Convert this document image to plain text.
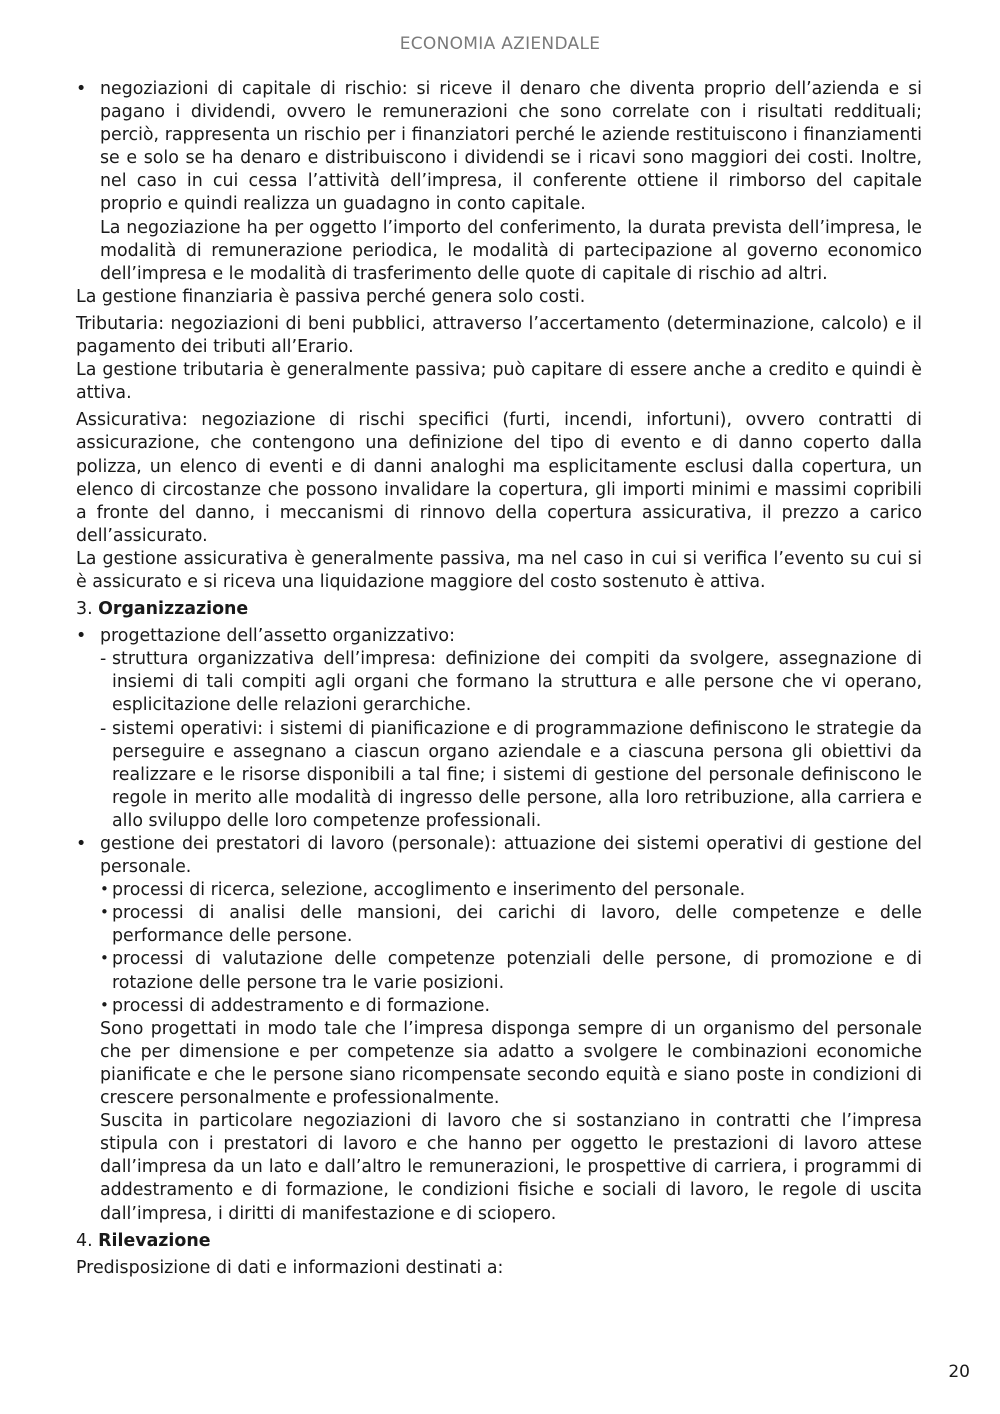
ECONOMIA AZIENDALE
• negoziazioni di capitale di rischio: si riceve il denaro che diventa proprio dell’azienda e si pagano i dividendi, ovvero le remunerazioni che sono correlate con i risultati reddituali; perciò, rappresenta un rischio per i finanziatori perché le aziende restituiscono i finanziamenti se e solo se ha denaro e distribuiscono i dividendi se i ricavi sono maggiori dei costi. Inoltre, nel caso in cui cessa l’attività dell’impresa, il conferente ottiene il rimborso del capitale proprio e quindi realizza un guadagno in conto capitale.

La negoziazione ha per oggetto l’importo del conferimento, la durata prevista dell’impresa, le modalità di remunerazione periodica, le modalità di partecipazione al governo economico dell’impresa e le modalità di trasferimento delle quote di capitale di rischio ad altri.

La gestione finanziaria è passiva perché genera solo costi.

Tributaria: negoziazioni di beni pubblici, attraverso l’accertamento (determinazione, calcolo) e il pagamento dei tributi all’Erario.

La gestione tributaria è generalmente passiva; può capitare di essere anche a credito e quindi è attiva.

Assicurativa: negoziazione di rischi specifici (furti, incendi, infortuni), ovvero contratti di assicurazione, che contengono una definizione del tipo di evento e di danno coperto dalla polizza, un elenco di eventi e di danni analoghi ma esplicitamente esclusi dalla copertura, un elenco di circostanze che possono invalidare la copertura, gli importi minimi e massimi copribili a fronte del danno, i meccanismi di rinnovo della copertura assicurativa, il prezzo a carico dell’assicurato.

La gestione assicurativa è generalmente passiva, ma nel caso in cui si verifica l’evento su cui si è assicurato e si riceva una liquidazione maggiore del costo sostenuto è attiva.

3. Organizzazione
• progettazione dell’assetto organizzativo:

- struttura organizzativa dell’impresa: definizione dei compiti da svolgere, assegnazione di insiemi di tali compiti agli organi che formano la struttura e alle persone che vi operano, esplicitazione delle relazioni gerarchiche.

- sistemi operativi: i sistemi di pianificazione e di programmazione definiscono le strategie da perseguire e assegnano a ciascun organo aziendale e a ciascuna persona gli obiettivi da realizzare e le risorse disponibili a tal fine; i sistemi di gestione del personale definiscono le regole in merito alle modalità di ingresso delle persone, alla loro retribuzione, alla carriera e allo sviluppo delle loro competenze professionali.

• gestione dei prestatori di lavoro (personale): attuazione dei sistemi operativi di gestione del personale.

• processi di ricerca, selezione, accoglimento e inserimento del personale.

• processi di analisi delle mansioni, dei carichi di lavoro, delle competenze e delle performance delle persone.

• processi di valutazione delle competenze potenziali delle persone, di promozione e di rotazione delle persone tra le varie posizioni.

• processi di addestramento e di formazione.

Sono progettati in modo tale che l’impresa disponga sempre di un organismo del personale che per dimensione e per competenze sia adatto a svolgere le combinazioni economiche pianificate e che le persone siano ricompensate secondo equità e siano poste in condizioni di crescere personalmente e professionalmente.

Suscita in particolare negoziazioni di lavoro che si sostanziano in contratti che l’impresa stipula con i prestatori di lavoro e che hanno per oggetto le prestazioni di lavoro attese dall’impresa da un lato e dall’altro le remunerazioni, le prospettive di carriera, i programmi di addestramento e di formazione, le condizioni fisiche e sociali di lavoro, le regole di uscita dall’impresa, i diritti di manifestazione e di sciopero.

4. Rilevazione

Predisposizione di dati e informazioni destinati a:

20
